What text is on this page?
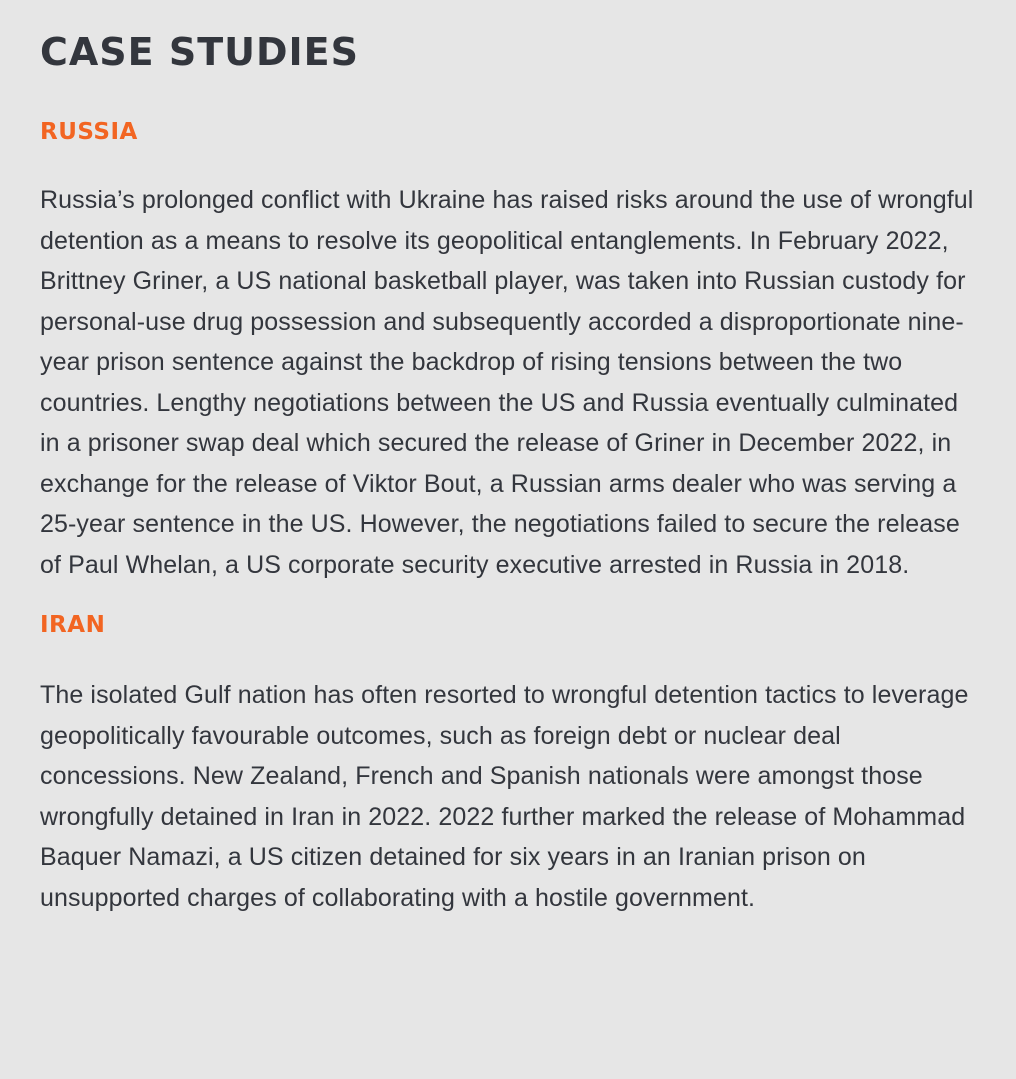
CASE STUDIES
RUSSIA

Russia’s prolonged conflict with Ukraine has raised risks around the use of wrongful detention as a means to resolve its geopolitical entanglements. In February 2022, Brittney Griner, a US national basketball player, was taken into Russian custody for personal-use drug possession and subsequently accorded a disproportionate nine-year prison sentence against the backdrop of rising tensions between the two countries. Lengthy negotiations between the US and Russia eventually culminated in a prisoner swap deal which secured the release of Griner in December 2022, in exchange for the release of Viktor Bout, a Russian arms dealer who was serving a 25-year sentence in the US. However, the negotiations failed to secure the release of Paul Whelan, a US corporate security executive arrested in Russia in 2018.

IRAN

The isolated Gulf nation has often resorted to wrongful detention tactics to leverage geopolitically favourable outcomes, such as foreign debt or nuclear deal concessions. New Zealand, French and Spanish nationals were amongst those wrongfully detained in Iran in 2022. 2022 further marked the release of Mohammad Baquer Namazi, a US citizen detained for six years in an Iranian prison on unsupported charges of collaborating with a hostile government.
